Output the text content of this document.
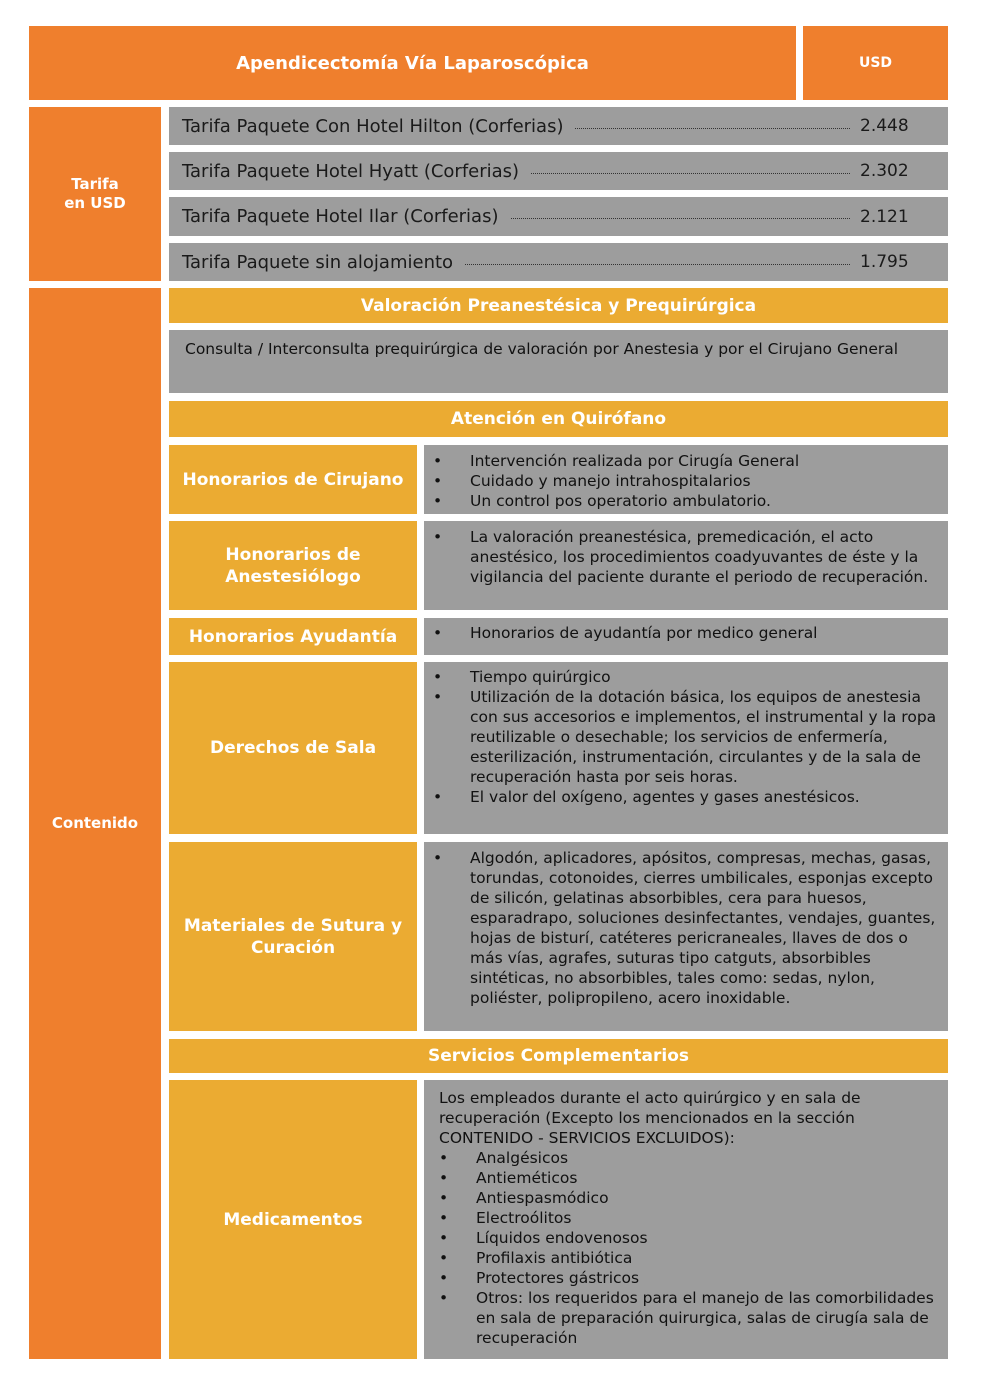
Apendicectomía Vía Laparoscópica	USD
Tarifa
en USD
Tarifa Paquete Con Hotel Hilton (Corferias)	2.448
Tarifa Paquete Hotel Hyatt (Corferias)	2.302
Tarifa Paquete Hotel Ilar (Corferias)	2.121
Tarifa Paquete sin alojamiento	1.795
Contenido
Valoración Preanestésica y Prequirúrgica
Consulta / Interconsulta prequirúrgica de valoración por Anestesia y por el Cirujano General
Atención en Quirófano
Honorarios de Cirujano
• Intervención realizada por Cirugía General
• Cuidado y manejo intrahospitalarios
• Un control pos operatorio ambulatorio.
Honorarios de Anestesiólogo
• La valoración preanestésica, premedicación, el acto anestésico, los procedimientos coadyuvantes de éste y la vigilancia del paciente durante el periodo de recuperación.
Honorarios Ayudantía
•	Honorarios de ayudantía por medico general
Derechos de Sala
• Tiempo quirúrgico
• Utilización de la dotación básica, los equipos de anestesia con sus accesorios e implementos, el instrumental y la ropa reutilizable o desechable; los servicios de enfermería, esterilización, instrumentación, circulantes y de la sala de recuperación hasta por seis horas.
• El valor del oxígeno, agentes y gases anestésicos.
Materiales de Sutura y Curación
• Algodón, aplicadores, apósitos, compresas, mechas, gasas, torundas, cotonoides, cierres umbilicales, esponjas excepto de silicón, gelatinas absorbibles, cera para huesos, esparadrapo, soluciones desinfectantes, vendajes, guantes, hojas de bisturí, catéteres pericraneales, llaves de dos o más vías, agrafes, suturas tipo catguts, absorbibles sintéticas, no absorbibles, tales como: sedas, nylon, poliéster, polipropileno, acero inoxidable.
Servicios Complementarios
Medicamentos
Los empleados durante el acto quirúrgico y en sala de recuperación (Excepto los mencionados en la sección CONTENIDO - SERVICIOS EXCLUIDOS):
• Analgésicos
• Antieméticos
• Antiespasmódico
• Electroólitos
• Líquidos endovenosos
• Profilaxis antibiótica
• Protectores gástricos
• Otros: los requeridos para el manejo de las comorbilidades en sala de preparación quirurgica, salas de cirugía sala de recuperación
